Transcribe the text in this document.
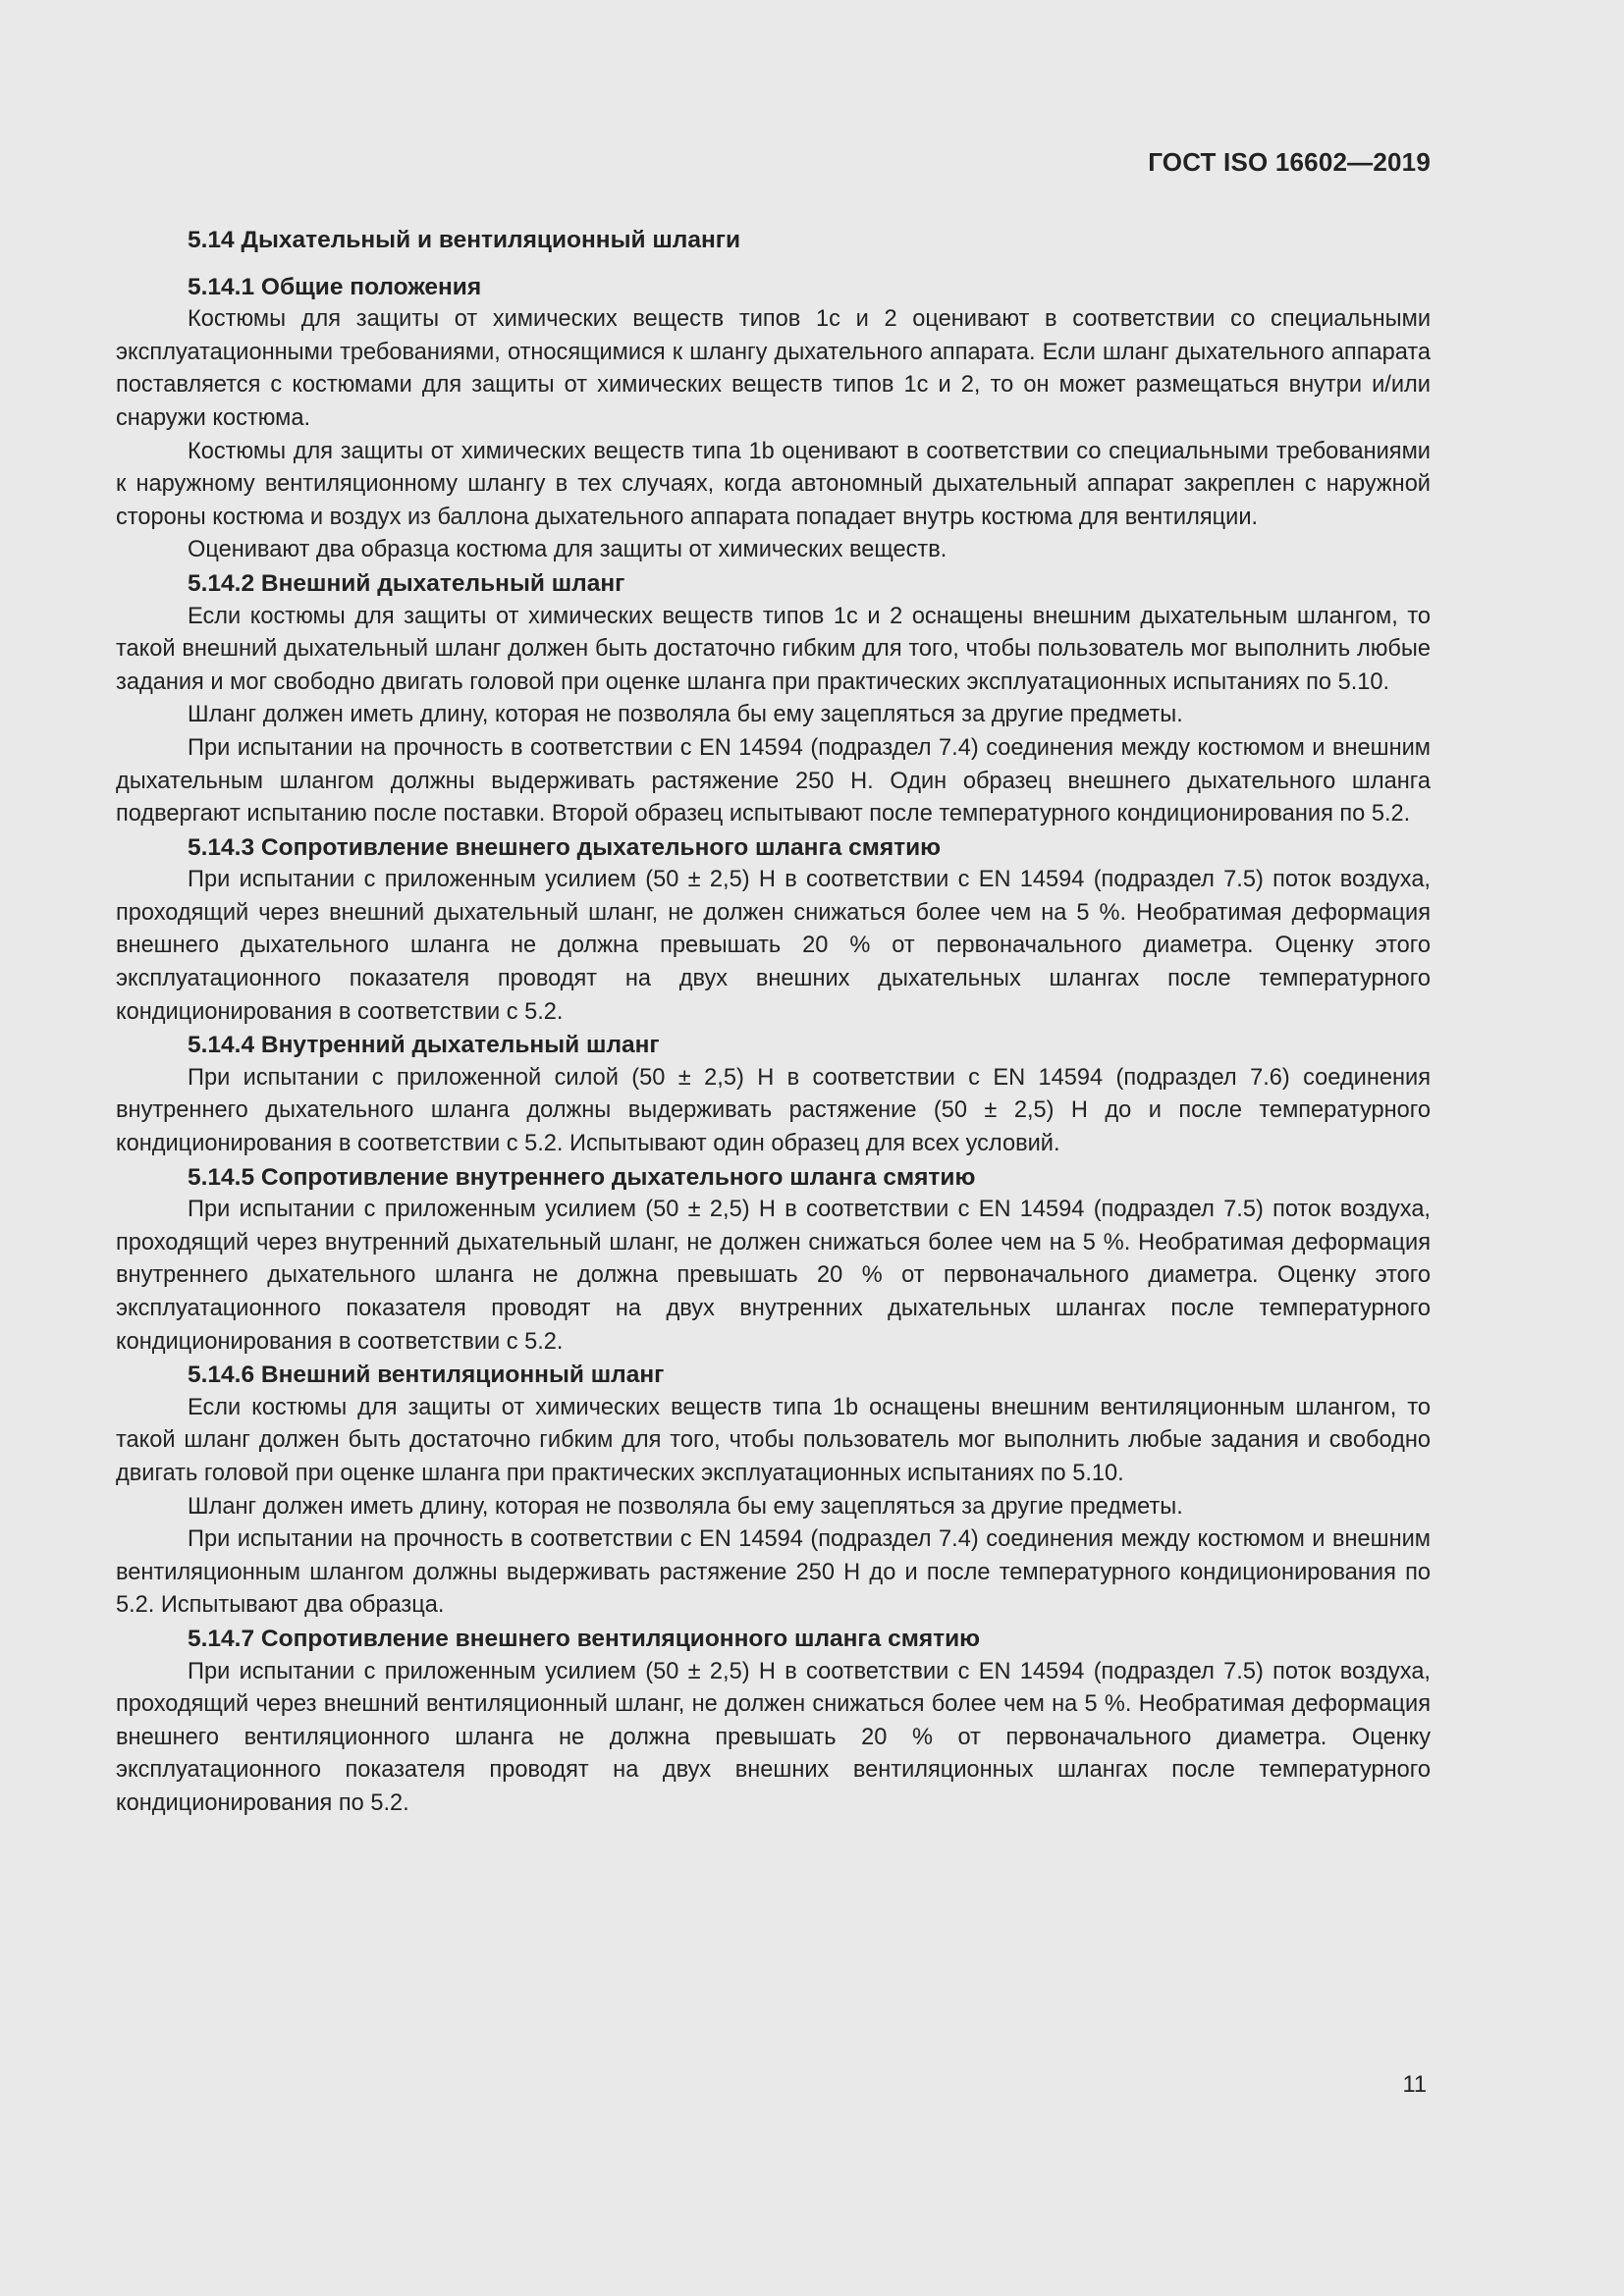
ГОСТ ISO 16602—2019
5.14 Дыхательный и вентиляционный шланги
5.14.1 Общие положения

Костюмы для защиты от химических веществ типов 1с и 2 оценивают в соответствии со специальными эксплуатационными требованиями, относящимися к шлангу дыхательного аппарата. Если шланг дыхательного аппарата поставляется с костюмами для защиты от химических веществ типов 1с и 2, то он может размещаться внутри и/или снаружи костюма.

Костюмы для защиты от химических веществ типа 1b оценивают в соответствии со специальными требованиями к наружному вентиляционному шлангу в тех случаях, когда автономный дыхательный аппарат закреплен с наружной стороны костюма и воздух из баллона дыхательного аппарата попадает внутрь костюма для вентиляции.

Оценивают два образца костюма для защиты от химических веществ.

5.14.2 Внешний дыхательный шланг

Если костюмы для защиты от химических веществ типов 1с и 2 оснащены внешним дыхательным шлангом, то такой внешний дыхательный шланг должен быть достаточно гибким для того, чтобы пользователь мог выполнить любые задания и мог свободно двигать головой при оценке шланга при практических эксплуатационных испытаниях по 5.10.

Шланг должен иметь длину, которая не позволяла бы ему зацепляться за другие предметы.

При испытании на прочность в соответствии с EN 14594 (подраздел 7.4) соединения между костюмом и внешним дыхательным шлангом должны выдерживать растяжение 250 Н. Один образец внешнего дыхательного шланга подвергают испытанию после поставки. Второй образец испытывают после температурного кондиционирования по 5.2.

5.14.3 Сопротивление внешнего дыхательного шланга смятию

При испытании с приложенным усилием (50 ± 2,5) Н в соответствии с EN 14594 (подраздел 7.5) поток воздуха, проходящий через внешний дыхательный шланг, не должен снижаться более чем на 5 %. Необратимая деформация внешнего дыхательного шланга не должна превышать 20 % от первоначального диаметра. Оценку этого эксплуатационного показателя проводят на двух внешних дыхательных шлангах после температурного кондиционирования в соответствии с 5.2.

5.14.4 Внутренний дыхательный шланг

При испытании с приложенной силой (50 ± 2,5) Н в соответствии с EN 14594 (подраздел 7.6) соединения внутреннего дыхательного шланга должны выдерживать растяжение (50 ± 2,5) Н до и после температурного кондиционирования в соответствии с 5.2. Испытывают один образец для всех условий.

5.14.5 Сопротивление внутреннего дыхательного шланга смятию

При испытании с приложенным усилием (50 ± 2,5) Н в соответствии с EN 14594 (подраздел 7.5) поток воздуха, проходящий через внутренний дыхательный шланг, не должен снижаться более чем на 5 %. Необратимая деформация внутреннего дыхательного шланга не должна превышать 20 % от первоначального диаметра. Оценку этого эксплуатационного показателя проводят на двух внутренних дыхательных шлангах после температурного кондиционирования в соответствии с 5.2.

5.14.6 Внешний вентиляционный шланг

Если костюмы для защиты от химических веществ типа 1b оснащены внешним вентиляционным шлангом, то такой шланг должен быть достаточно гибким для того, чтобы пользователь мог выполнить любые задания и свободно двигать головой при оценке шланга при практических эксплуатационных испытаниях по 5.10.

Шланг должен иметь длину, которая не позволяла бы ему зацепляться за другие предметы.

При испытании на прочность в соответствии с EN 14594 (подраздел 7.4) соединения между костюмом и внешним вентиляционным шлангом должны выдерживать растяжение 250 Н до и после температурного кондиционирования по 5.2. Испытывают два образца.

5.14.7 Сопротивление внешнего вентиляционного шланга смятию

При испытании с приложенным усилием (50 ± 2,5) Н в соответствии с EN 14594 (подраздел 7.5) поток воздуха, проходящий через внешний вентиляционный шланг, не должен снижаться более чем на 5 %. Необратимая деформация внешнего вентиляционного шланга не должна превышать 20 % от первоначального диаметра. Оценку эксплуатационного показателя проводят на двух внешних вентиляционных шлангах после температурного кондиционирования по 5.2.

11
